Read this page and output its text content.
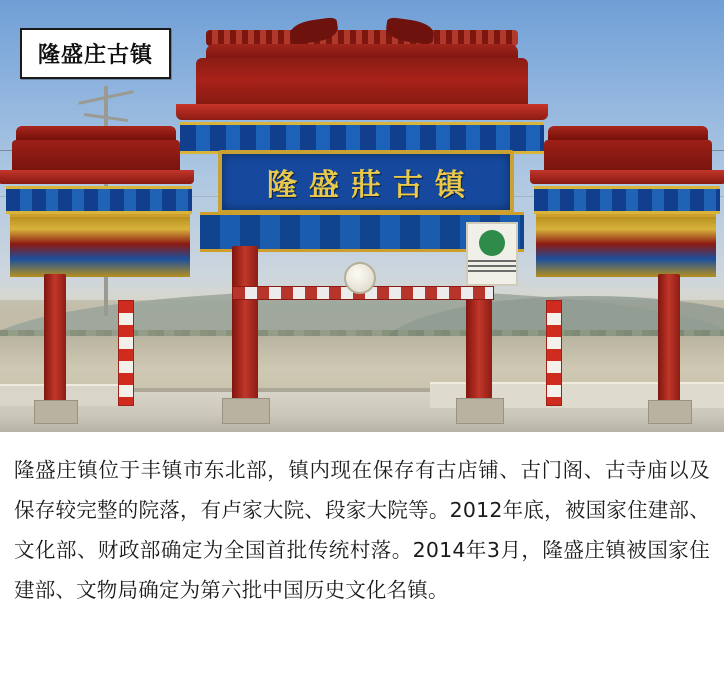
隆盛莊古镇
隆盛庄古镇

隆盛庄镇位于丰镇市东北部，镇内现在保存有古店铺、古门阁、古寺庙以及保存较完整的院落，有卢家大院、段家大院等。2012年底，被国家住建部、文化部、财政部确定为全国首批传统村落。2014年3月，隆盛庄镇被国家住建部、文物局确定为第六批中国历史文化名镇。
